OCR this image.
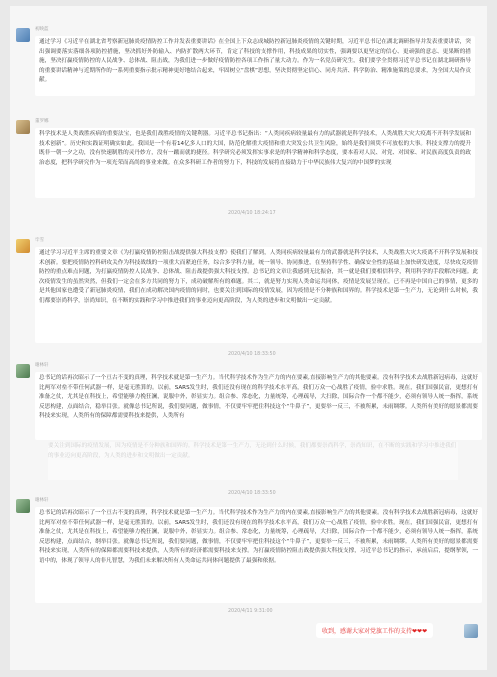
初映蓝
通过学习《习近平在湖北省考察新冠肺炎疫情防控工作并发表重要讲话》在全国上下众志成城防控新冠肺炎疫情的关键时期，习近平总书记在湖北调研指导并发表重要讲话，突出强调要落实落细各项防控措施，坚决抓好外防输入、内防扩散两大环节，肯定了科技的支撑作用，科技成果的切实性，强调要以更坚定的信心、更顽强的意志、更果断的措施，坚决打赢疫情防控的人民战争、总体战、阻击战，为我们进一步做好疫情防控各项工作指了量大动力。作为一名党员研究生，我们要学全贯彻习近平总书记在湖北调研指导的重要讲话精神与近期所作的一系列重要指示批示精神更好地结合起来，牢固树立“盘棋”思想，坚决贯彻坚定信心、同舟共济、科学防治、精准施策的总要求，为全国大局作贡献。
董罗娜
科学技术是人类战胜疾病的重要法宝，也是我们战胜疫情的关键利器。习近平总书记指出：“人类同疾病较量最有力的武器就是科学技术，人类战胜大灾大疫离不开科学发展和技术创新”。历史和实践证明确实如此。我国是一个有着14亿多人口的大国，防范化解重大疫情和重大突发公共卫生风险，始终是我们须臾不可放松的大事。科技支撑力的提升既非一朝一夕之功，没有快速制胜的灵丹妙方，没有一蹴而就的捷径。科学研究必须发挥实事求是的科学精神和科学态度，要本着对人民、对党、对国家、对民族高度负责的政治态度，把科学研究作为一项光荣而高尚的事业来做。在众多科研工作者的努力下，科技的发展将直接助力于中华民族伟大复兴的中国梦的实现
2020/4/10 18:24:17
牢雪
通过学习习近平主席的重要文章《为打赢疫情防控阻击战提供强大科技支撑》使我们了解到，人类同疾病较量最有力的武器就是科学技术，人类战胜大灾大疫离不开科学发展和技术创新。要把疫情防控科研攻关作为科技战线的一项重大而紧迫任务，综合多学科力量，统一领导、协同推进，在坚持科学性、确保安全性的基础上加快研发进度，尽快攻克疫情防控的重点难点问题，为打赢疫情防控人民战争、总体战、阻击战提供强大科技支撑。总书记的文章让我感到无比振奋，其一就是我们要相信科学，利用科学的手段解决问题。此次疫情发生的虽然突然，但我们一定会在多方共同的努力下，成功破解所有的难题。其二，就是努力实现人类命运共同体，疫情是发展呈现在，已不再是中国自己的事情，更多的是其他国家也遭受了新冠肺炎疫情，我们在成功解决国内疫情的同时，也要关注到国际的疫情发展，因为疫情是不分种族和国界的。科学技术是第一生产力，无论到什么时候，我们都要崇尚科学，崇尚知识，在不断的实践和学习中推进我们的事业迈向更高阶段，为人类的进步和文明做出一定贡献。
2020/4/10 18:33:50
谢林轩
总书记的话再次昭示了一个亘古不变的真理，科学技术就是第一生产力。当代科学技术作为生产力的内在要素,直接影响生产力的其他要素。没有科学技术去战胜新冠病毒，这就好比两军对垒不带任何武器一样，是毫无胜算的。以前，SARS发生时，我们还没有现在的科学技术水平高，我们万众一心战胜了疫情，验中求胜。现在，我们国强民富，更想打有准备之仗，尤其是在科技上，希望能够力挽狂澜，说服中外，彰显实力。组合参、常态化，力量统筹，心理疏导，大扫除，国际合作一个都不能少，必须有领导人统一指挥，系统反思构建，点面结合，稳举目张。就像总书记所说，我们要问题，做事情，不仅要牢牢把住科技这个“牛鼻子”，更要举一反三，不被所累，未雨绸缪。人类所有美好的愿景都需要科技来实现，人类所有的保障都需要科技来提供，人类所有
要关注到国际的疫情发展，因为疫情是不分种族和国界的。科学技术是第一生产力，无论到什么时候，我们都要崇尚科学，崇尚知识，在不断的实践和学习中推进我们的事业迈向更高阶段，为人类的进步和文明做出一定贡献。
2020/4/10 18:33:50
谢林轩
总书记的话再次昭示了一个亘古不变的真理，科学技术就是第一生产力。当代科学技术作为生产力的内在要素,直接影响生产力的其他要素。没有科学技术去战胜新冠病毒，这就好比两军对垒不带任何武器一样，是毫无胜算的。以前，SARS发生时，我们还没有现在的科学技术水平高，我们万众一心战胜了疫情，验中求胜。现在，我们国强民富，更想打有准备之仗，尤其是在科技上，希望能够力挽狂澜，说服中外，彰显实力。组合参、常态化，力量统筹，心理疏导，大扫除，国际合作一个都不能少，必须有领导人统一指挥，系统反思构建，点面结合，纲举目张。就像总书记所说，我们要问题，做事情，不仅要牢牢把住科技这个“牛鼻子”，更要举一反三，不被所累，未雨绸缪。人类所有美好的愿景都需要科技来实现，人类所有的保障都需要科技来提供，人类所有的经济都需要科技来支撑。为打赢疫情防控阻击战提供强大科技支撑，习近平总书记的指示，承前启后，提纲挈领，一语中的，体现了领导人的非凡智慧，为我们未来解决所有人类命运共同体问题提供了最强和依据。
2020/4/11 9:31:00
收到，感谢大家对党旗工作的支持❤❤❤
